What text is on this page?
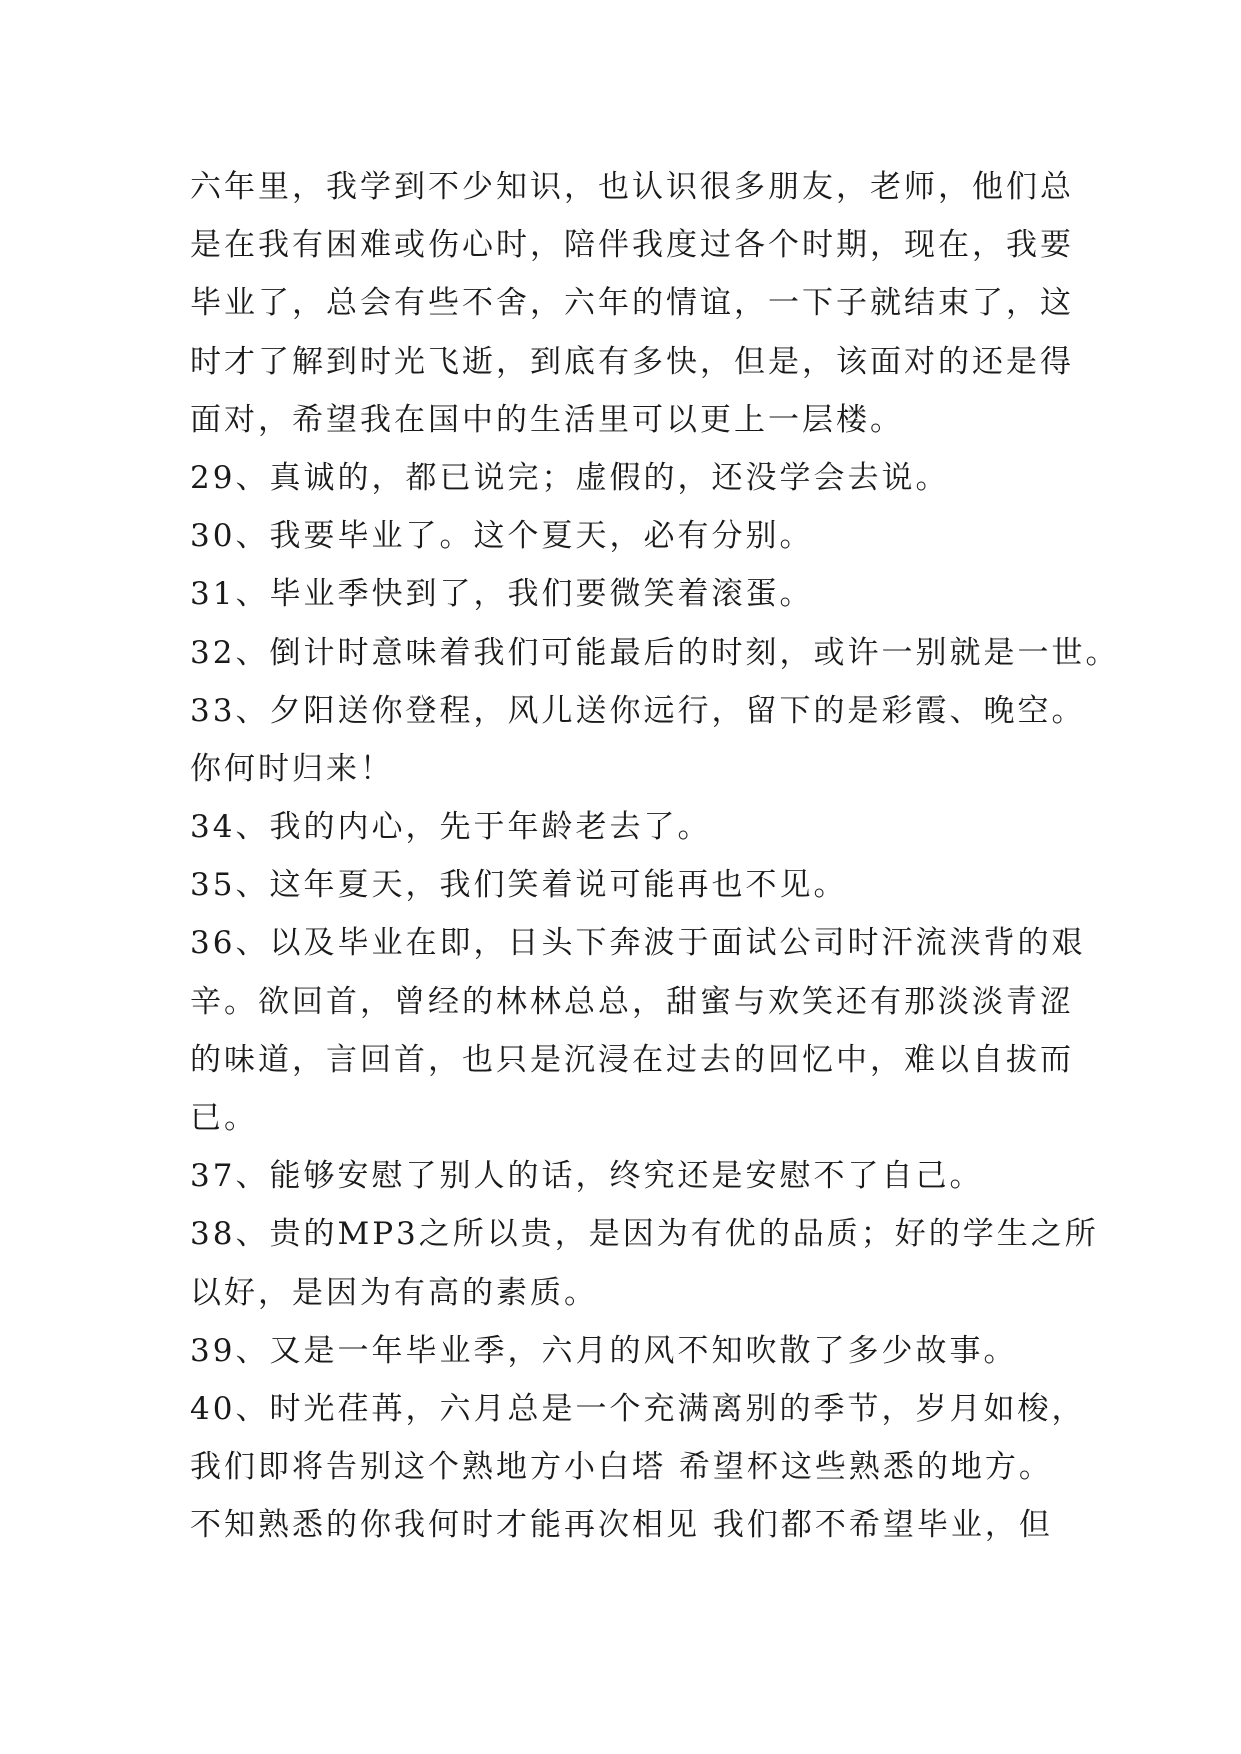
六年里，我学到不少知识，也认识很多朋友，老师，他们总
是在我有困难或伤心时，陪伴我度过各个时期，现在，我要
毕业了，总会有些不舍，六年的情谊，一下子就结束了，这
时才了解到时光飞逝，到底有多快，但是，该面对的还是得
面对，希望我在国中的生活里可以更上一层楼。
29、真诚的，都已说完；虚假的，还没学会去说。
30、我要毕业了。这个夏天，必有分别。
31、毕业季快到了，我们要微笑着滚蛋。
32、倒计时意味着我们可能最后的时刻，或许一别就是一世。
33、夕阳送你登程，风儿送你远行，留下的是彩霞、晚空。
你何时归来！
34、我的内心，先于年龄老去了。
35、这年夏天，我们笑着说可能再也不见。
36、以及毕业在即，日头下奔波于面试公司时汗流浃背的艰
辛。欲回首，曾经的林林总总，甜蜜与欢笑还有那淡淡青涩
的味道，言回首，也只是沉浸在过去的回忆中，难以自拔而
已。
37、能够安慰了别人的话，终究还是安慰不了自己。
38、贵的MP3之所以贵，是因为有优的品质；好的学生之所
以好，是因为有高的素质。
39、又是一年毕业季，六月的风不知吹散了多少故事。
40、时光荏苒，六月总是一个充满离别的季节，岁月如梭，
我们即将告别这个熟地方小白塔 希望杯这些熟悉的地方。
不知熟悉的你我何时才能再次相见 我们都不希望毕业，但
